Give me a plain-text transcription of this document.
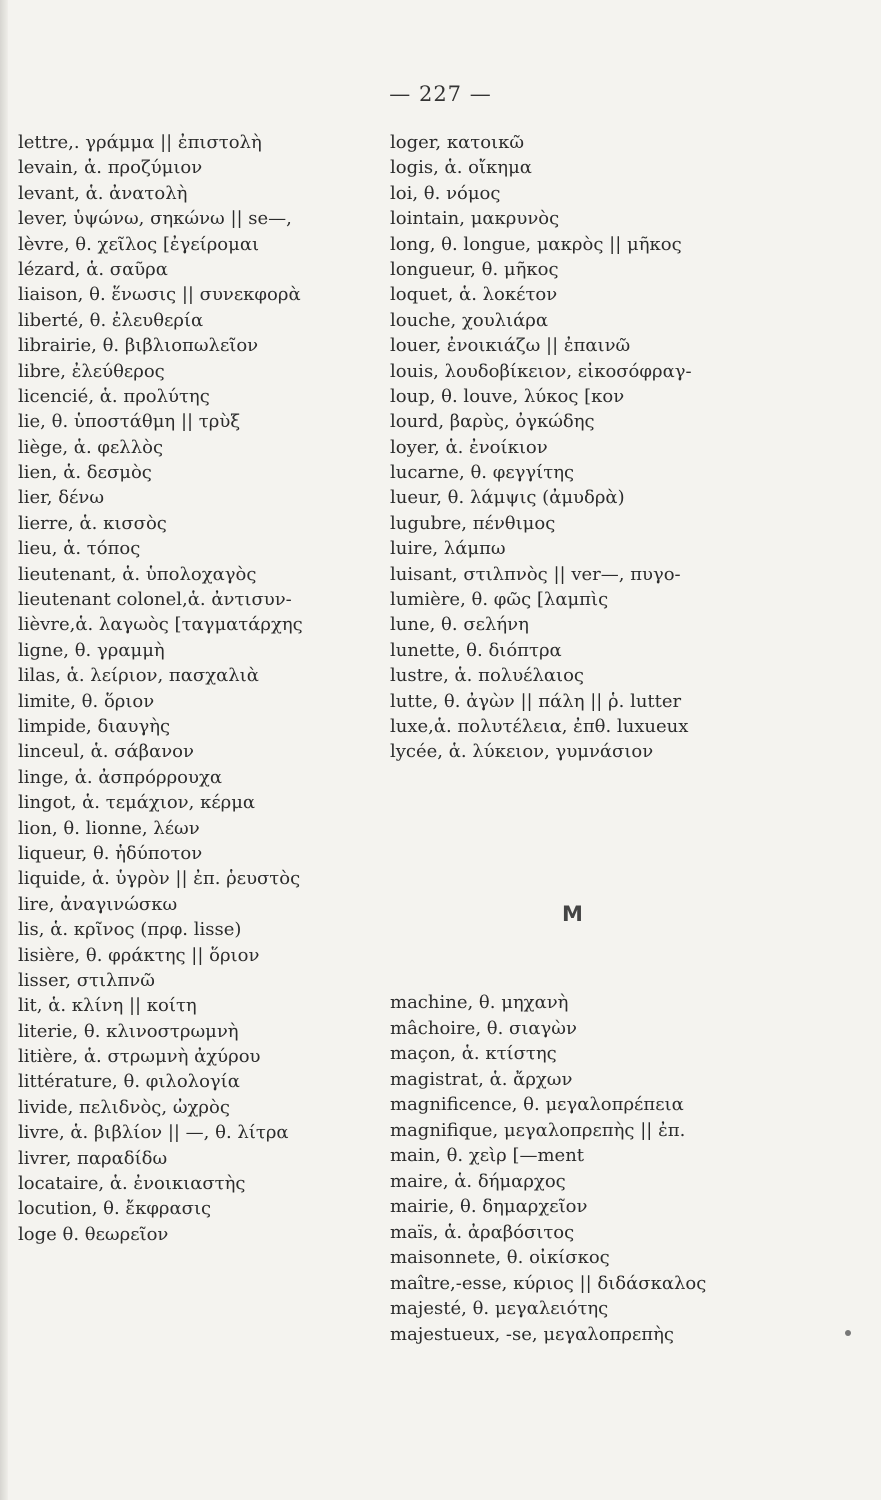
— 227 —
lettre,. γράμμα || ἐπιστολὴ
levain, ἁ. προζύμιον
levant, ἁ. ἀνατολὴ
lever, ὑψώνω, σηκώνω || se—,
lèvre, θ. χεῖλος [ἐγείρομαι
lézard, ἁ. σαῦρα
liaison, θ. ἕνωσις || συνεκφορὰ
liberté, θ. ἐλευθερία
librairie, θ. βιβλιοπωλεῖον
libre, ἐλεύθερος
licencié, ἁ. προλύτης
lie, θ. ὑποστάθμη || τρὺξ
liège, ἁ. φελλὸς
lien, ἁ. δεσμὸς
lier, δένω
lierre, ἁ. κισσὸς
lieu, ἁ. τόπος
lieutenant, ἁ. ὑπολοχαγὸς
lieutenant colonel,ἁ. ἀντισυν-
lièvre,ἁ. λαγωὸς [ταγματάρχης
ligne, θ. γραμμὴ
lilas, ἁ. λείριον, πασχαλιὰ
limite, θ. ὅριον
limpide, διαυγὴς
linceul, ἁ. σάβανον
linge, ἁ. ἀσπρόρρουχα
lingot, ἁ. τεμάχιον, κέρμα
lion, θ. lionne, λέων
liqueur, θ. ἡδύποτον
liquide, ἁ. ὑγρὸν || ἐπ. ῥευστὸς
lire, ἀναγινώσκω
lis, ἁ. κρῖνος (πρφ. lisse)
lisière, θ. φράκτης || ὅριον
lisser, στιλπνῶ
lit, ἁ. κλίνη || κοίτη
literie, θ. κλινοστρωμνὴ
litière, ἁ. στρωμνὴ ἀχύρου
littérature, θ. φιλολογία
livide, πελιδνὸς, ὠχρὸς
livre, ἁ. βιβλίον || —, θ. λίτρα
livrer, παραδίδω
locataire, ἁ. ἐνοικιαστὴς
locution, θ. ἔκφρασις
loge θ. θεωρεῖον
loger, κατοικῶ
logis, ἁ. οἴκημα
loi, θ. νόμος
lointain, μακρυνὸς
long, θ. longue, μακρὸς || μῆκος
longueur, θ. μῆκος
loquet, ἁ. λοκέτον
louche, χουλιάρα
louer, ἐνοικιάζω || ἐπαινῶ
louis, λουδοβίκειον, εἰκοσόφραγ-
loup, θ. louve, λύκος [κον
lourd, βαρὺς, ὀγκώδης
loyer, ἁ. ἐνοίκιον
lucarne, θ. φεγγίτης
lueur, θ. λάμψις (ἀμυδρὰ)
lugubre, πένθιμος
luire, λάμπω
luisant, στιλπνὸς || ver—, πυγο-
lumière, θ. φῶς [λαμπὶς
lune, θ. σελήνη
lunette, θ. διόπτρα
lustre, ἁ. πολυέλαιος
lutte, θ. ἀγὼν || πάλη || ῥ. lutter
luxe,ἁ. πολυτέλεια, ἐπθ. luxueux
lycée, ἁ. λύκειον, γυμνάσιον
M
machine, θ. μηχανὴ
mâchoire, θ. σιαγὼν
maçon, ἁ. κτίστης
magistrat, ἁ. ἄρχων
magnificence, θ. μεγαλοπρέπεια
magnifique, μεγαλοπρεπὴς || ἐπ.
main, θ. χεὶρ [—ment
maire, ἁ. δήμαρχος
mairie, θ. δημαρχεῖον
maïs, ἁ. ἀραβόσιτος
maisonnete, θ. οἰκίσκος
maître,-esse, κύριος || διδάσκαλος
majesté, θ. μεγαλειότης
majestueux, -se, μεγαλοπρεπὴς
